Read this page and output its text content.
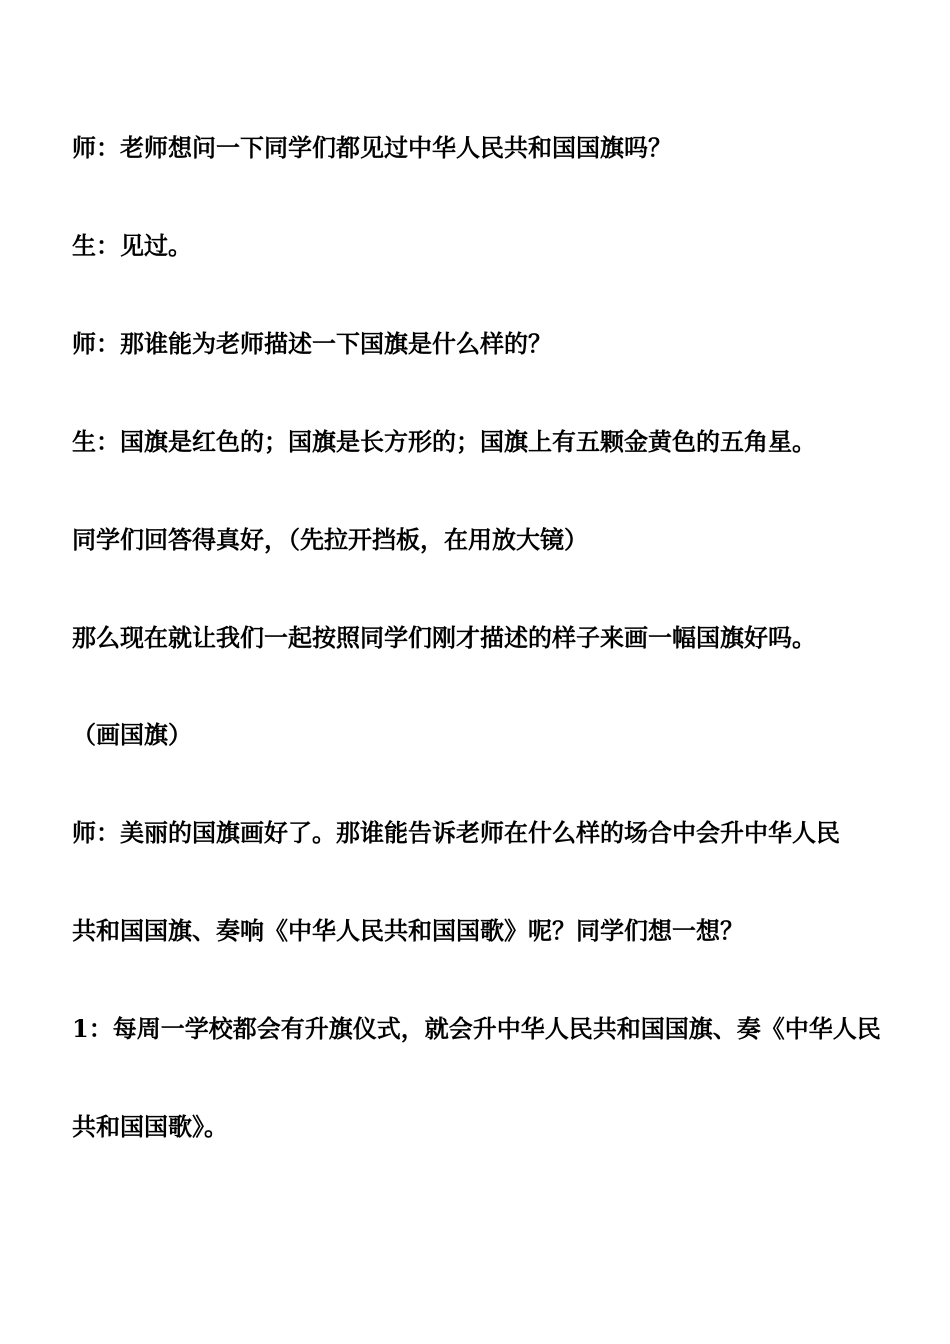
师：老师想问一下同学们都见过中华人民共和国国旗吗？

生：见过。

师：那谁能为老师描述一下国旗是什么样的？

生：国旗是红色的；国旗是长方形的；国旗上有五颗金黄色的五角星。

同学们回答得真好，（先拉开挡板，在用放大镜）

那么现在就让我们一起按照同学们刚才描述的样子来画一幅国旗好吗。

（画国旗）

师：美丽的国旗画好了。那谁能告诉老师在什么样的场合中会升中华人民

共和国国旗、奏响《中华人民共和国国歌》呢？同学们想一想？

1：每周一学校都会有升旗仪式，就会升中华人民共和国国旗、奏《中华人民

共和国国歌》。
